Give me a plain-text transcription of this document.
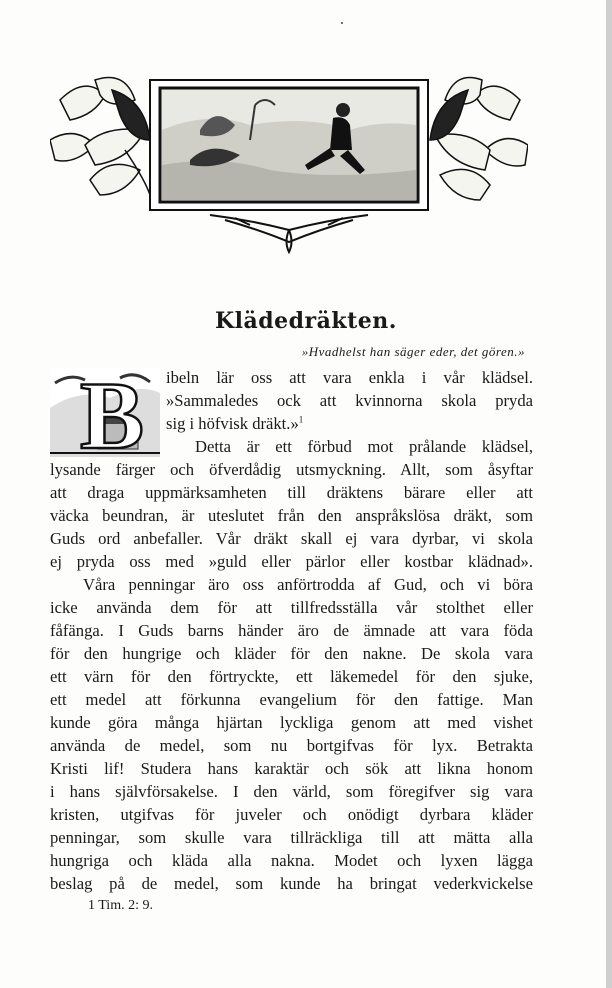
Klädedräkten.
»Hvadhelst han säger eder, det gören.»
B ibeln lär oss att vara enkla i vår klädsel.
»Sammaledes ock att kvinnorna skola pryda
sig i höfvisk dräkt.»$^1$
Detta är ett förbud mot prålande klädsel,
lysande färger och öfverdådig utsmyckning. Allt, som åsyftar
att draga uppmärksamheten till dräktens bärare eller att
väcka beundran, är uteslutet från den anspråkslösa dräkt, som
Guds ord anbefaller. Vår dräkt skall ej vara dyrbar, vi skola
ej pryda oss med »guld eller pärlor eller kostbar klädnad».
Våra penningar äro oss anförtrodda af Gud, och vi böra
icke använda dem för att tillfredsställa vår stolthet eller
fåfänga. I Guds barns händer äro de ämnade att vara föda
för den hungrige och kläder för den nakne. De skola vara
ett värn för den förtryckte, ett läkemedel för den sjuke,
ett medel att förkunna evangelium för den fattige. Man
kunde göra många hjärtan lyckliga genom att med vishet
använda de medel, som nu bortgifvas för lyx. Betrakta
Kristi lif! Studera hans karaktär och sök att likna honom
i hans självförsakelse. I den värld, som föregifver sig vara
kristen, utgifvas för juveler och onödigt dyrbara kläder
penningar, som skulle vara tillräckliga till att mätta alla
hungriga och kläda alla nakna. Modet och lyxen lägga
beslag på de medel, som kunde ha bringat vederkvickelse
1 Tim. 2: 9.
